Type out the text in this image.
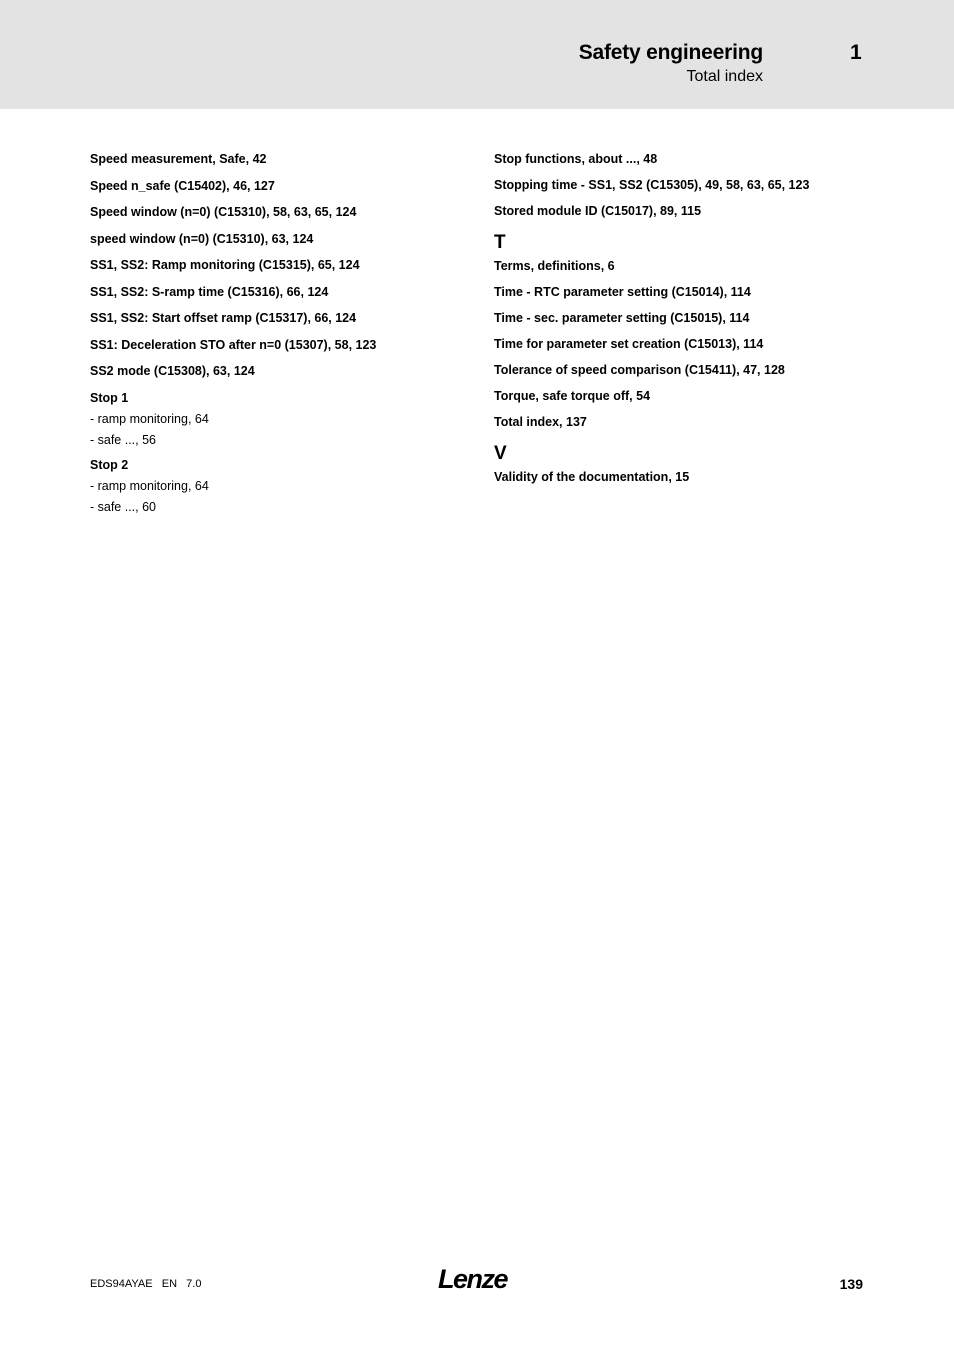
Safety engineering	1
Total index

Speed measurement, Safe, 42

Speed n_safe (C15402), 46, 127

Speed window (n=0) (C15310), 58, 63, 65, 124

speed window (n=0) (C15310), 63, 124

SS1, SS2: Ramp monitoring (C15315), 65, 124

SS1, SS2: S-ramp time (C15316), 66, 124

SS1, SS2: Start offset ramp (C15317), 66, 124

SS1: Deceleration STO after n=0 (15307), 58, 123

SS2 mode (C15308), 63, 124

Stop 1

- ramp monitoring, 64
- safe ..., 56

Stop 2

- ramp monitoring, 64
- safe ..., 60

Stop functions, about ..., 48

Stopping time - SS1, SS2 (C15305), 49, 58, 63, 65, 123

Stored module ID (C15017), 89, 115

T

Terms, definitions, 6

Time - RTC parameter setting (C15014), 114

Time - sec. parameter setting (C15015), 114

Time for parameter set creation (C15013), 114

Tolerance of speed comparison (C15411), 47, 128

Torque, safe torque off, 54

Total index, 137

V

Validity of the documentation, 15

EDS94AYAE   EN   7.0	Lenze	139
